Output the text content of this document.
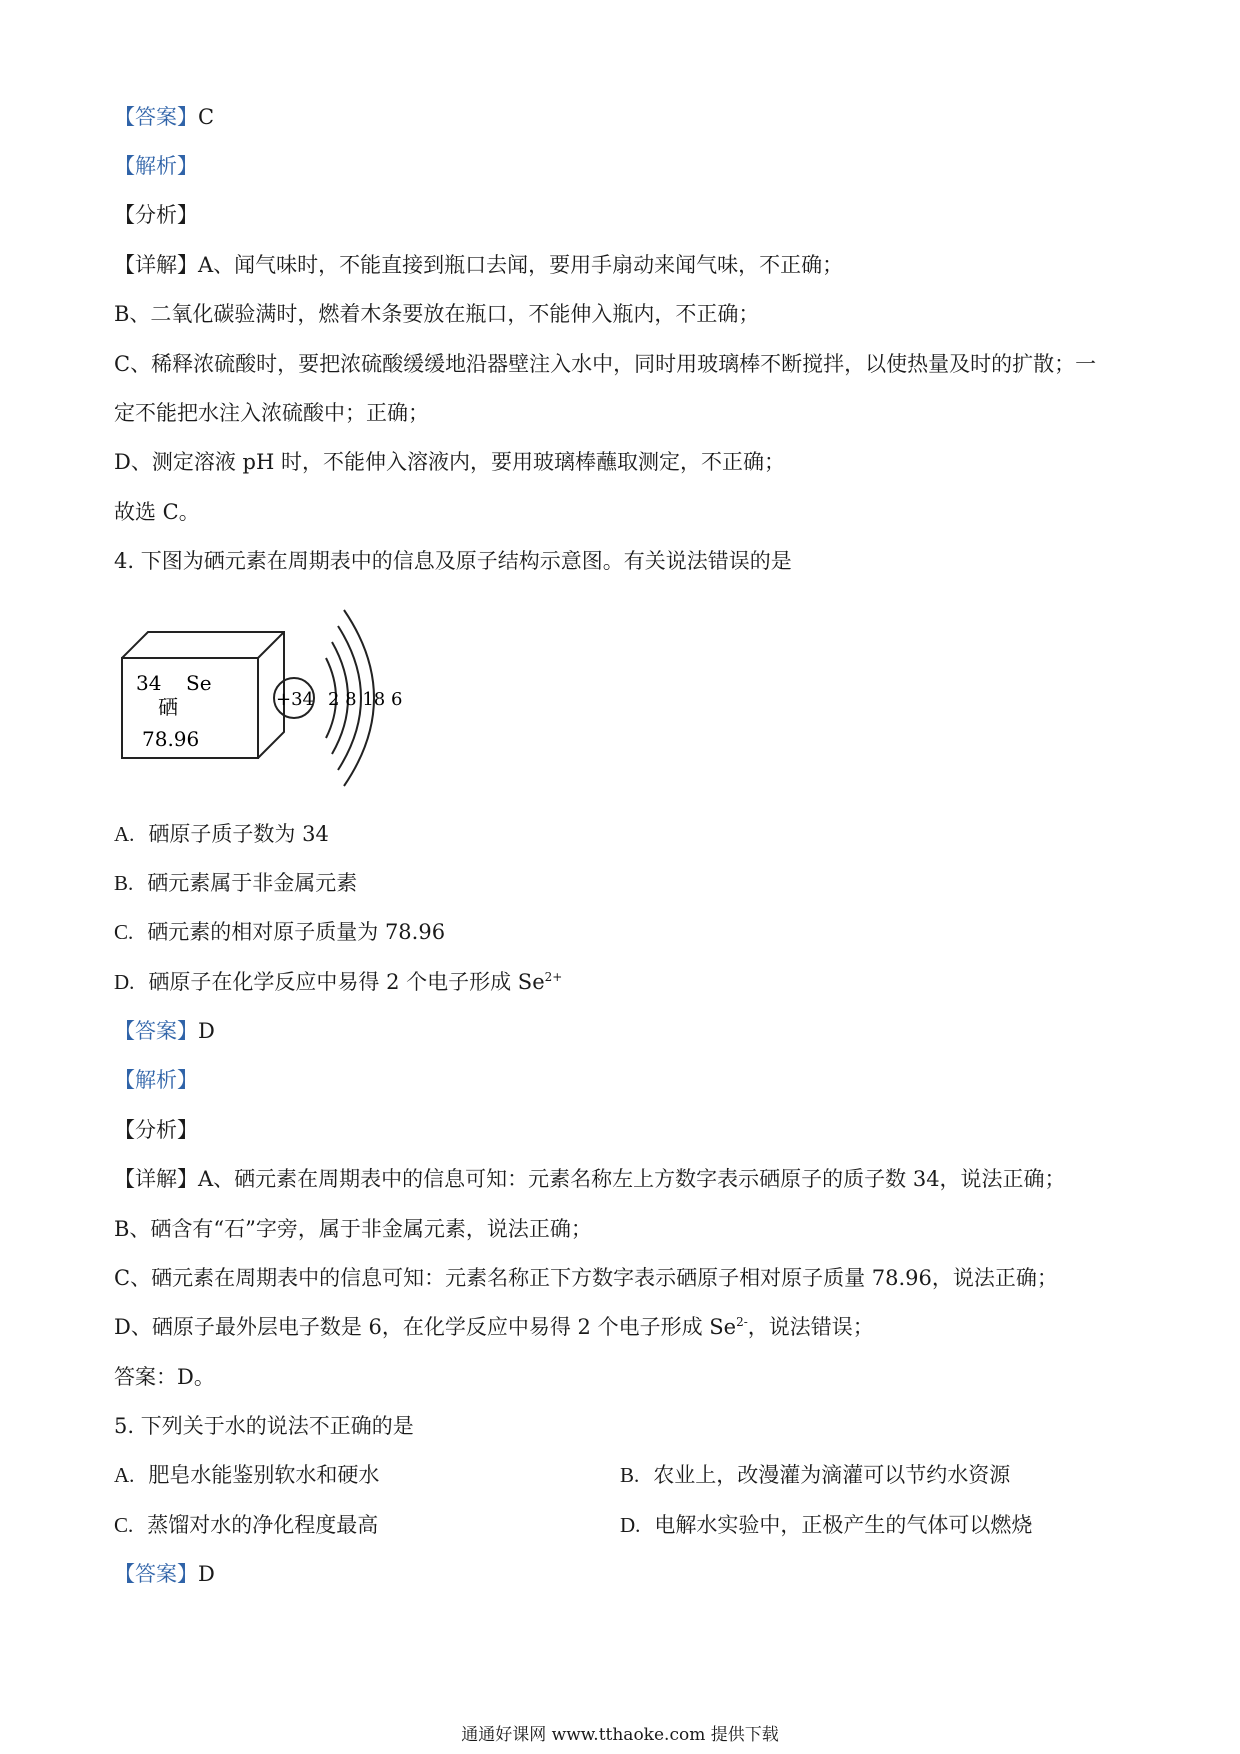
【答案】C
【解析】
【分析】
【详解】A、闻气味时，不能直接到瓶口去闻，要用手扇动来闻气味，不正确；
B、二氧化碳验满时，燃着木条要放在瓶口，不能伸入瓶内，不正确；
C、稀释浓硫酸时，要把浓硫酸缓缓地沿器壁注入水中，同时用玻璃棒不断搅拌，以使热量及时的扩散；一
定不能把水注入浓硫酸中；正确；
D、测定溶液 pH 时，不能伸入溶液内，要用玻璃棒蘸取测定，不正确；
故选 C。
4. 下图为硒元素在周期表中的信息及原子结构示意图。有关说法错误的是
34 Se
硒
78.96
+34 2 8 18 6
A. 硒原子质子数为 34
B. 硒元素属于非金属元素
C. 硒元素的相对原子质量为 78.96
D. 硒原子在化学反应中易得 2 个电子形成 $Se^{2+}$
【答案】D
【解析】
【分析】
【详解】A、硒元素在周期表中的信息可知：元素名称左上方数字表示硒原子的质子数 34，说法正确；
B、硒含有“石”字旁，属于非金属元素，说法正确；
C、硒元素在周期表中的信息可知：元素名称正下方数字表示硒原子相对原子质量 78.96，说法正确；
D、硒原子最外层电子数是 6，在化学反应中易得 2 个电子形成 $Se^{2-}$，说法错误；
答案：D。
5. 下列关于水的说法不正确的是
A. 肥皂水能鉴别软水和硬水	B. 农业上，改漫灌为滴灌可以节约水资源
C. 蒸馏对水的净化程度最高	D. 电解水实验中，正极产生的气体可以燃烧
【答案】D
通通好课网 www.tthaoke.com 提供下载
